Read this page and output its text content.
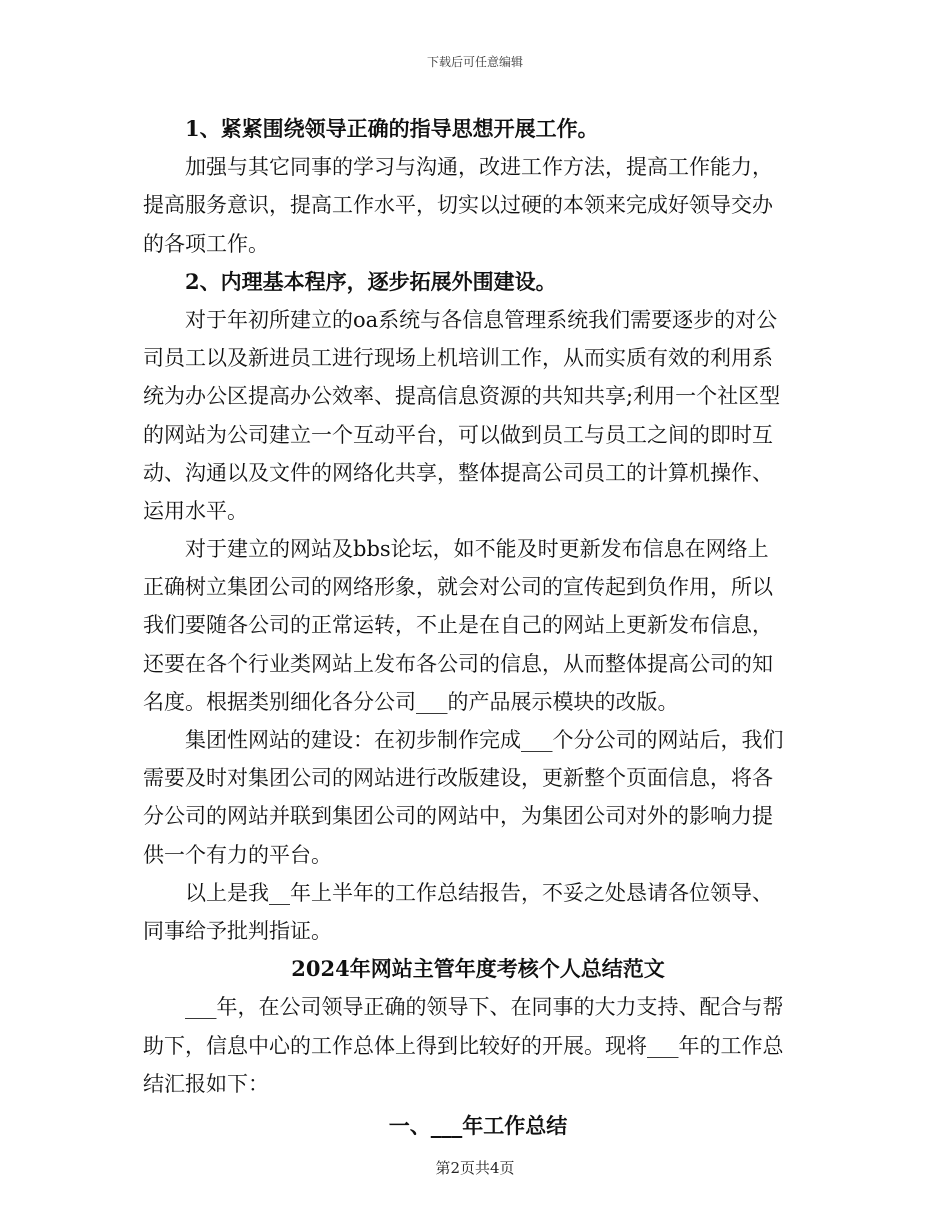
下载后可任意编辑
1、紧紧围绕领导正确的指导思想开展工作。
加强与其它同事的学习与沟通，改进工作方法，提高工作能力，
提高服务意识，提高工作水平，切实以过硬的本领来完成好领导交办
的各项工作。
2、内理基本程序，逐步拓展外围建设。
对于年初所建立的oa系统与各信息管理系统我们需要逐步的对公
司员工以及新进员工进行现场上机培训工作，从而实质有效的利用系
统为办公区提高办公效率、提高信息资源的共知共享;利用一个社区型
的网站为公司建立一个互动平台，可以做到员工与员工之间的即时互
动、沟通以及文件的网络化共享，整体提高公司员工的计算机操作、
运用水平。
对于建立的网站及bbs论坛，如不能及时更新发布信息在网络上
正确树立集团公司的网络形象，就会对公司的宣传起到负作用，所以
我们要随各公司的正常运转，不止是在自己的网站上更新发布信息，
还要在各个行业类网站上发布各公司的信息，从而整体提高公司的知
名度。根据类别细化各分公司___的产品展示模块的改版。
集团性网站的建设：在初步制作完成___个分公司的网站后，我们
需要及时对集团公司的网站进行改版建设，更新整个页面信息，将各
分公司的网站并联到集团公司的网站中，为集团公司对外的影响力提
供一个有力的平台。
以上是我__年上半年的工作总结报告，不妥之处恳请各位领导、
同事给予批判指证。
2024年网站主管年度考核个人总结范文
___年，在公司领导正确的领导下、在同事的大力支持、配合与帮
助下，信息中心的工作总体上得到比较好的开展。现将___年的工作总
结汇报如下：
一、___年工作总结
第2页共4页
